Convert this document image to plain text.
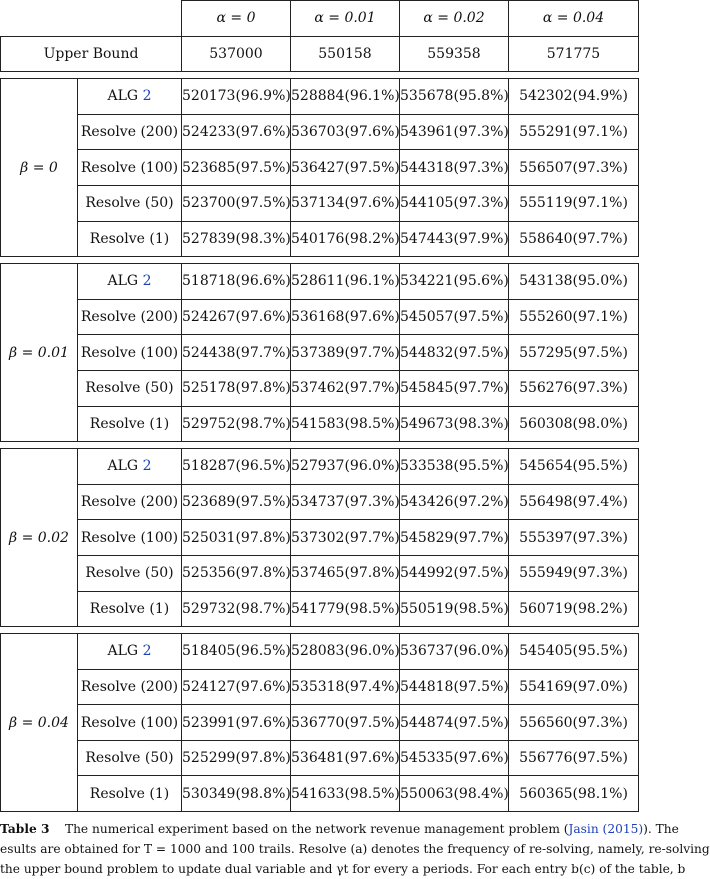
		α = 0	α = 0.01	α = 0.02	α = 0.04
Upper Bound		537000	550158	559358	571775

β = 0	ALG 2	520173(96.9%)	528884(96.1%)	535678(95.8%)	542302(94.9%)
	Resolve (200)	524233(97.6%)	536703(97.6%)	543961(97.3%)	555291(97.1%)
	Resolve (100)	523685(97.5%)	536427(97.5%)	544318(97.3%)	556507(97.3%)
	Resolve (50)	523700(97.5%)	537134(97.6%)	544105(97.3%)	555119(97.1%)
	Resolve (1)	527839(98.3%)	540176(98.2%)	547443(97.9%)	558640(97.7%)

β = 0.01	ALG 2	518718(96.6%)	528611(96.1%)	534221(95.6%)	543138(95.0%)
	Resolve (200)	524267(97.6%)	536168(97.6%)	545057(97.5%)	555260(97.1%)
	Resolve (100)	524438(97.7%)	537389(97.7%)	544832(97.5%)	557295(97.5%)
	Resolve (50)	525178(97.8%)	537462(97.7%)	545845(97.7%)	556276(97.3%)
	Resolve (1)	529752(98.7%)	541583(98.5%)	549673(98.3%)	560308(98.0%)

β = 0.02	ALG 2	518287(96.5%)	527937(96.0%)	533538(95.5%)	545654(95.5%)
	Resolve (200)	523689(97.5%)	534737(97.3%)	543426(97.2%)	556498(97.4%)
	Resolve (100)	525031(97.8%)	537302(97.7%)	545829(97.7%)	555397(97.3%)
	Resolve (50)	525356(97.8%)	537465(97.8%)	544992(97.5%)	555949(97.3%)
	Resolve (1)	529732(98.7%)	541779(98.5%)	550519(98.5%)	560719(98.2%)

β = 0.04	ALG 2	518405(96.5%)	528083(96.0%)	536737(96.0%)	545405(95.5%)
	Resolve (200)	524127(97.6%)	535318(97.4%)	544818(97.5%)	554169(97.0%)
	Resolve (100)	523991(97.6%)	536770(97.5%)	544874(97.5%)	556560(97.3%)
	Resolve (50)	525299(97.8%)	536481(97.6%)	545335(97.6%)	556776(97.5%)
	Resolve (1)	530349(98.8%)	541633(98.5%)	550063(98.4%)	560365(98.1%)
Table 3 The numerical experiment based on the network revenue management problem (Jasin (2015)). The
esults are obtained for T = 1000 and 100 trails. Resolve (a) denotes the frequency of re-solving, namely, re-solving
the upper bound problem to update dual variable and γt for every a periods. For each entry b(c) of the table, b
